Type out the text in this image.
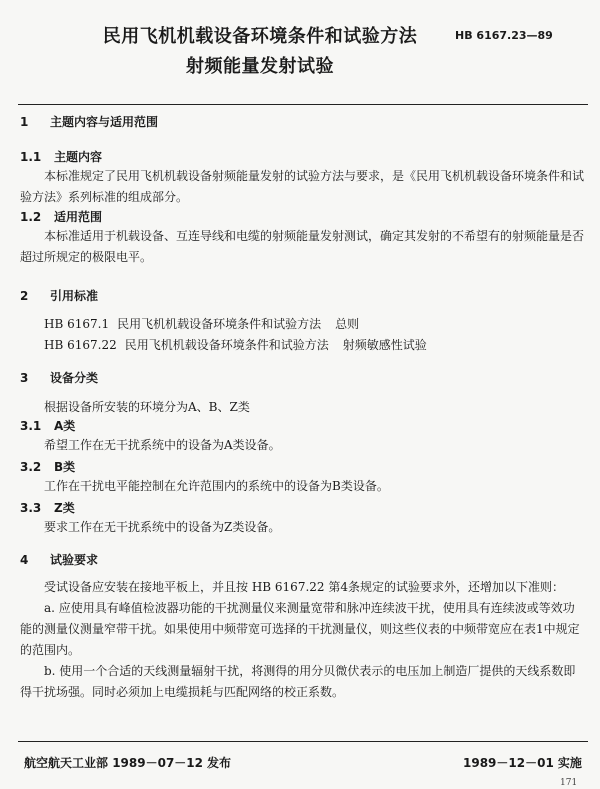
民用飞机机载设备环境条件和试验方法
射频能量发射试验
HB 6167.23—89
1 主题内容与适用范围
1.1 主题内容
本标准规定了民用飞机机载设备射频能量发射的试验方法与要求，是《民用飞机机载设备环境条件和试验方法》系列标准的组成部分。
1.2 适用范围
本标准适用于机载设备、互连导线和电缆的射频能量发射测试，确定其发射的不希望有的射频能量是否超过所规定的极限电平。
2 引用标准
HB 6167.1 民用飞机机载设备环境条件和试验方法 总则
HB 6167.22 民用飞机机载设备环境条件和试验方法 射频敏感性试验
3 设备分类
根据设备所安装的环境分为A、B、Z类
3.1 A类
希望工作在无干扰系统中的设备为A类设备。
3.2 B类
工作在干扰电平能控制在允许范围内的系统中的设备为B类设备。
3.3 Z类
要求工作在无干扰系统中的设备为Z类设备。
4 试验要求
受试设备应安装在接地平板上，并且按 HB 6167.22 第4条规定的试验要求外，还增加以下准则：
a. 应使用具有峰值检波器功能的干扰测量仪来测量宽带和脉冲连续波干扰，使用具有连续波或等效功能的测量仪测量窄带干扰。如果使用中频带宽可选择的干扰测量仪，则这些仪表的中频带宽应在表1中规定的范围内。
b. 使用一个合适的天线测量辐射干扰，将测得的用分贝微伏表示的电压加上制造厂提供的天线系数即得干扰场强。同时必须加上电缆损耗与匹配网络的校正系数。
航空航天工业部 1989－07－12 发布	1989－12－01 实施
171
